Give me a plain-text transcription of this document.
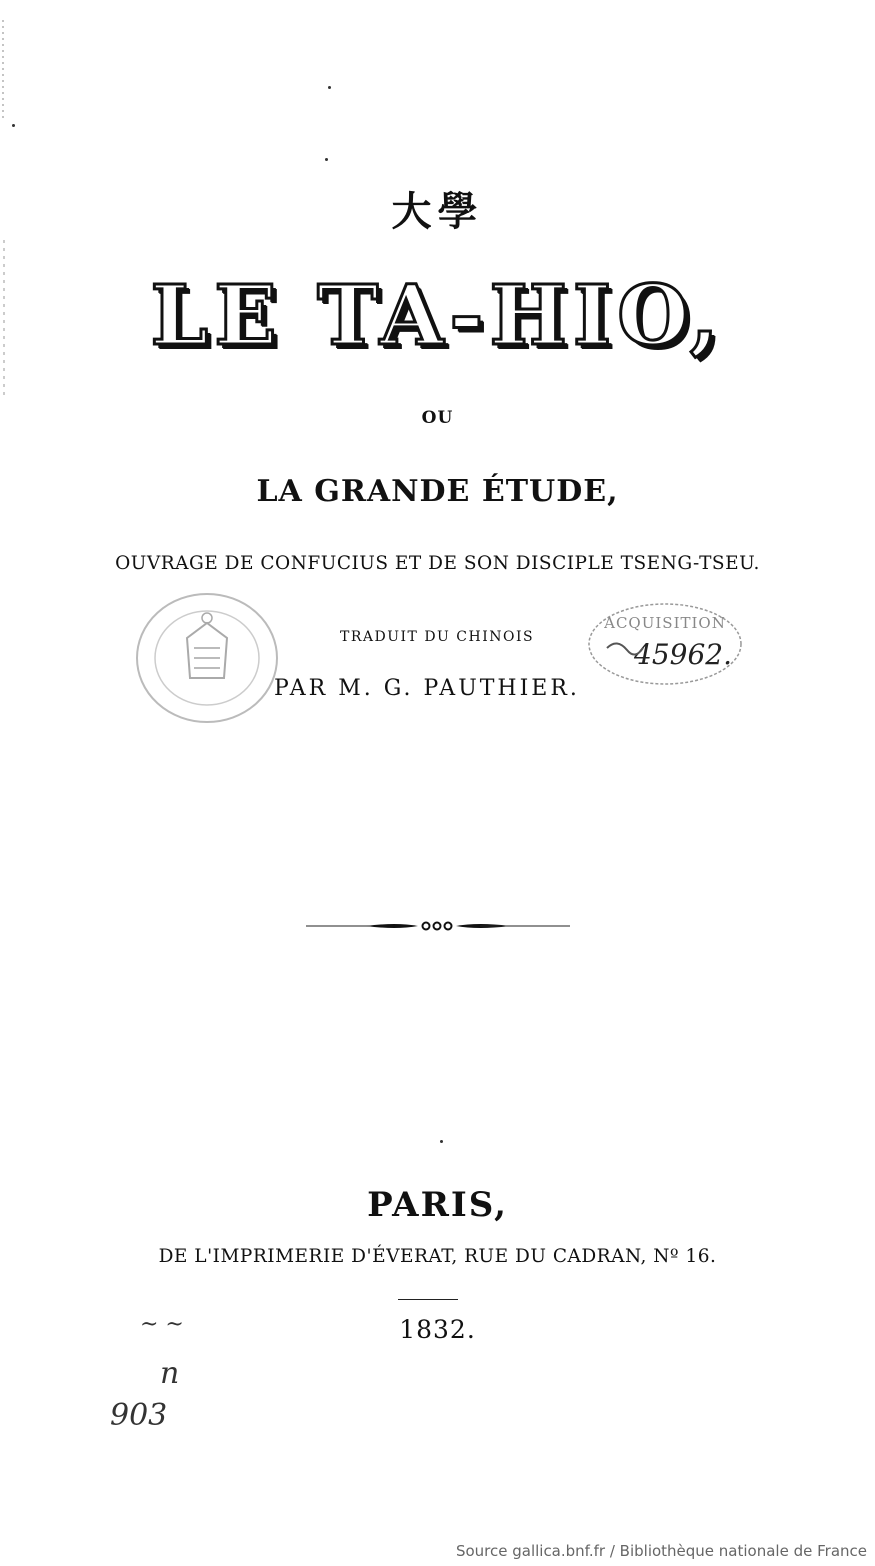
大學
LE TA-HIO,
OU
LA GRANDE ÉTUDE,
OUVRAGE DE CONFUCIUS ET DE SON DISCIPLE TSENG-TSEU.
TRADUIT DU CHINOIS
PAR M. G. PAUTHIER.
ACQUISITION
45962.
PARIS,
DE L'IMPRIMERIE D'ÉVERAT, RUE DU CADRAN, Nº 16.
1832.
~ ~
n
903
Source gallica.bnf.fr / Bibliothèque nationale de France
